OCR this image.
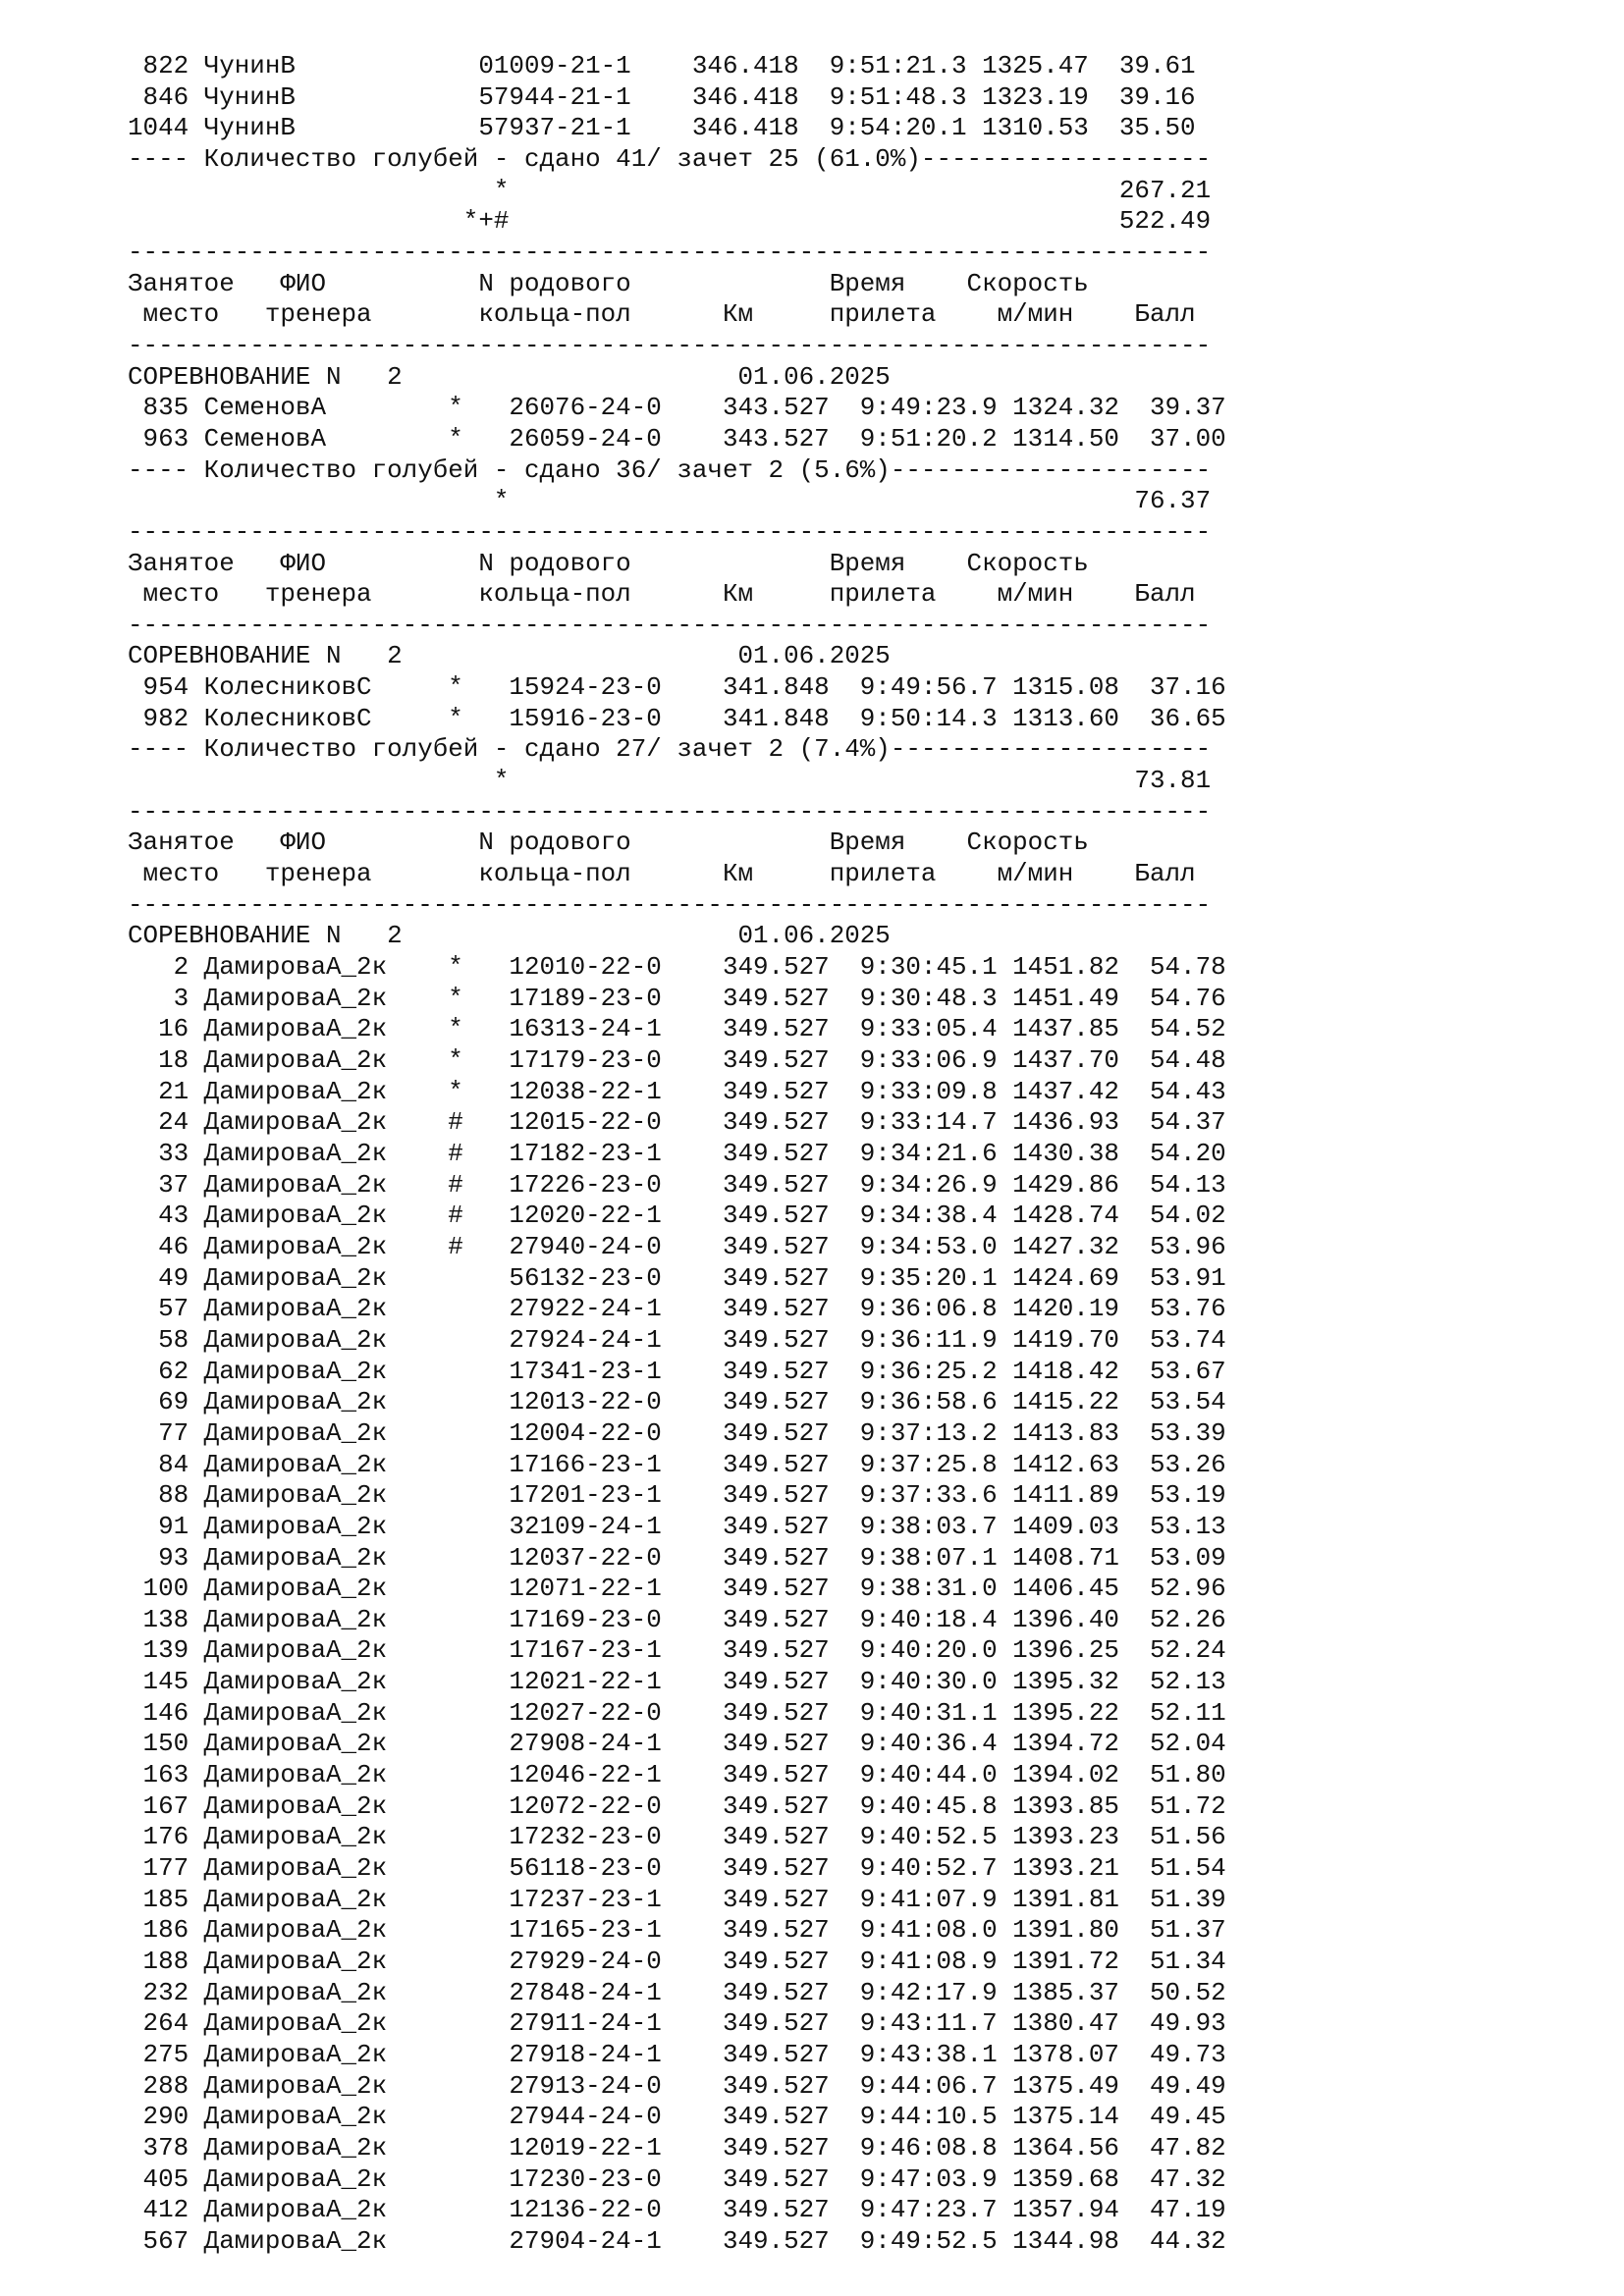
822 ЧунинВ            01009-21-1    346.418  9:51:21.3 1325.47  39.61
846 ЧунинВ            57944-21-1    346.418  9:51:48.3 1323.19  39.16
1044 ЧунинВ            57937-21-1    346.418  9:54:20.1 1310.53  35.50
---- Количество голубей - сдано 41/ зачет 25 (61.0%)-------------------
*                                        267.21
*+#                                        522.49
-----------------------------------------------------------------------
Занятое   ФИО          N родового             Время    Скорость
место   тренера       кольца-пол      Км     прилета    м/мин    Балл
-----------------------------------------------------------------------
СОРЕВНОВАНИЕ N   2                      01.06.2025
835 СеменовА        *   26076-24-0    343.527  9:49:23.9 1324.32  39.37
963 СеменовА        *   26059-24-0    343.527  9:51:20.2 1314.50  37.00
---- Количество голубей - сдано 36/ зачет 2 (5.6%)---------------------
*                                         76.37
-----------------------------------------------------------------------
Занятое   ФИО          N родового             Время    Скорость
место   тренера       кольца-пол      Км     прилета    м/мин    Балл
-----------------------------------------------------------------------
СОРЕВНОВАНИЕ N   2                      01.06.2025
954 КолесниковС     *   15924-23-0    341.848  9:49:56.7 1315.08  37.16
982 КолесниковС     *   15916-23-0    341.848  9:50:14.3 1313.60  36.65
---- Количество голубей - сдано 27/ зачет 2 (7.4%)---------------------
*                                         73.81
-----------------------------------------------------------------------
Занятое   ФИО          N родового             Время    Скорость
место   тренера       кольца-пол      Км     прилета    м/мин    Балл
-----------------------------------------------------------------------
СОРЕВНОВАНИЕ N   2                      01.06.2025
2 ДамироваА_2к    *   12010-22-0    349.527  9:30:45.1 1451.82  54.78
3 ДамироваА_2к    *   17189-23-0    349.527  9:30:48.3 1451.49  54.76
16 ДамироваА_2к    *   16313-24-1    349.527  9:33:05.4 1437.85  54.52
18 ДамироваА_2к    *   17179-23-0    349.527  9:33:06.9 1437.70  54.48
21 ДамироваА_2к    *   12038-22-1    349.527  9:33:09.8 1437.42  54.43
24 ДамироваА_2к    #   12015-22-0    349.527  9:33:14.7 1436.93  54.37
33 ДамироваА_2к    #   17182-23-1    349.527  9:34:21.6 1430.38  54.20
37 ДамироваА_2к    #   17226-23-0    349.527  9:34:26.9 1429.86  54.13
43 ДамироваА_2к    #   12020-22-1    349.527  9:34:38.4 1428.74  54.02
46 ДамироваА_2к    #   27940-24-0    349.527  9:34:53.0 1427.32  53.96
49 ДамироваА_2к        56132-23-0    349.527  9:35:20.1 1424.69  53.91
57 ДамироваА_2к        27922-24-1    349.527  9:36:06.8 1420.19  53.76
58 ДамироваА_2к        27924-24-1    349.527  9:36:11.9 1419.70  53.74
62 ДамироваА_2к        17341-23-1    349.527  9:36:25.2 1418.42  53.67
69 ДамироваА_2к        12013-22-0    349.527  9:36:58.6 1415.22  53.54
77 ДамироваА_2к        12004-22-0    349.527  9:37:13.2 1413.83  53.39
84 ДамироваА_2к        17166-23-1    349.527  9:37:25.8 1412.63  53.26
88 ДамироваА_2к        17201-23-1    349.527  9:37:33.6 1411.89  53.19
91 ДамироваА_2к        32109-24-1    349.527  9:38:03.7 1409.03  53.13
93 ДамироваА_2к        12037-22-0    349.527  9:38:07.1 1408.71  53.09
100 ДамироваА_2к        12071-22-1    349.527  9:38:31.0 1406.45  52.96
138 ДамироваА_2к        17169-23-0    349.527  9:40:18.4 1396.40  52.26
139 ДамироваА_2к        17167-23-1    349.527  9:40:20.0 1396.25  52.24
145 ДамироваА_2к        12021-22-1    349.527  9:40:30.0 1395.32  52.13
146 ДамироваА_2к        12027-22-0    349.527  9:40:31.1 1395.22  52.11
150 ДамироваА_2к        27908-24-1    349.527  9:40:36.4 1394.72  52.04
163 ДамироваА_2к        12046-22-1    349.527  9:40:44.0 1394.02  51.80
167 ДамироваА_2к        12072-22-0    349.527  9:40:45.8 1393.85  51.72
176 ДамироваА_2к        17232-23-0    349.527  9:40:52.5 1393.23  51.56
177 ДамироваА_2к        56118-23-0    349.527  9:40:52.7 1393.21  51.54
185 ДамироваА_2к        17237-23-1    349.527  9:41:07.9 1391.81  51.39
186 ДамироваА_2к        17165-23-1    349.527  9:41:08.0 1391.80  51.37
188 ДамироваА_2к        27929-24-0    349.527  9:41:08.9 1391.72  51.34
232 ДамироваА_2к        27848-24-1    349.527  9:42:17.9 1385.37  50.52
264 ДамироваА_2к        27911-24-1    349.527  9:43:11.7 1380.47  49.93
275 ДамироваА_2к        27918-24-1    349.527  9:43:38.1 1378.07  49.73
288 ДамироваА_2к        27913-24-0    349.527  9:44:06.7 1375.49  49.49
290 ДамироваА_2к        27944-24-0    349.527  9:44:10.5 1375.14  49.45
378 ДамироваА_2к        12019-22-1    349.527  9:46:08.8 1364.56  47.82
405 ДамироваА_2к        17230-23-0    349.527  9:47:03.9 1359.68  47.32
412 ДамироваА_2к        12136-22-0    349.527  9:47:23.7 1357.94  47.19
567 ДамироваА_2к        27904-24-1    349.527  9:49:52.5 1344.98  44.32
